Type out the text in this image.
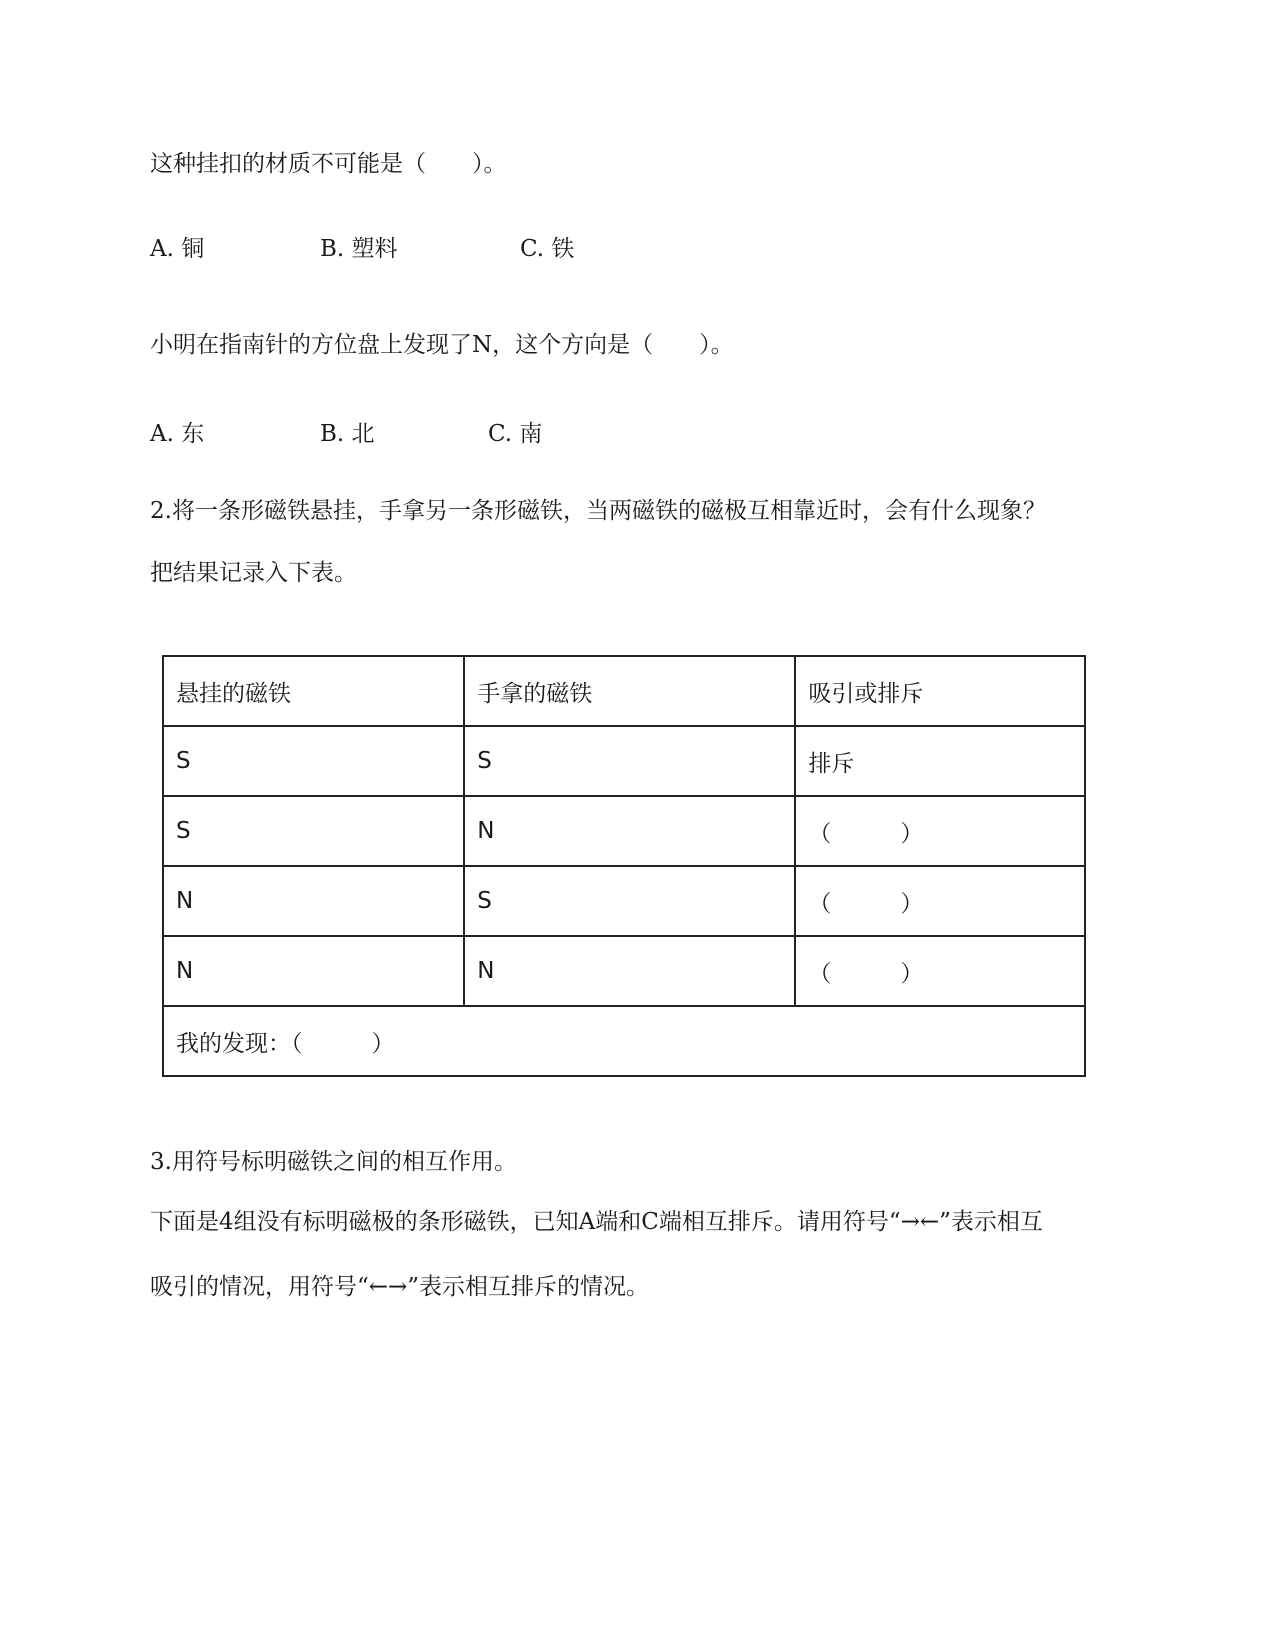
这种挂扣的材质不可能是（　　）。
A. 铜	B. 塑料	C. 铁
小明在指南针的方位盘上发现了N，这个方向是（　　）。
A. 东	B. 北	C. 南
2.将一条形磁铁悬挂，手拿另一条形磁铁，当两磁铁的磁极互相靠近时，会有什么现象？
把结果记录入下表。
悬挂的磁铁	手拿的磁铁	吸引或排斥
S	S	排斥
S	N	（　　　）
N	S	（　　　）
N	N	（　　　）
我的发现：（　　　）		
3.用符号标明磁铁之间的相互作用。
下面是4组没有标明磁极的条形磁铁，已知A端和C端相互排斥。请用符号“→←”表示相互
吸引的情况，用符号“←→”表示相互排斥的情况。
